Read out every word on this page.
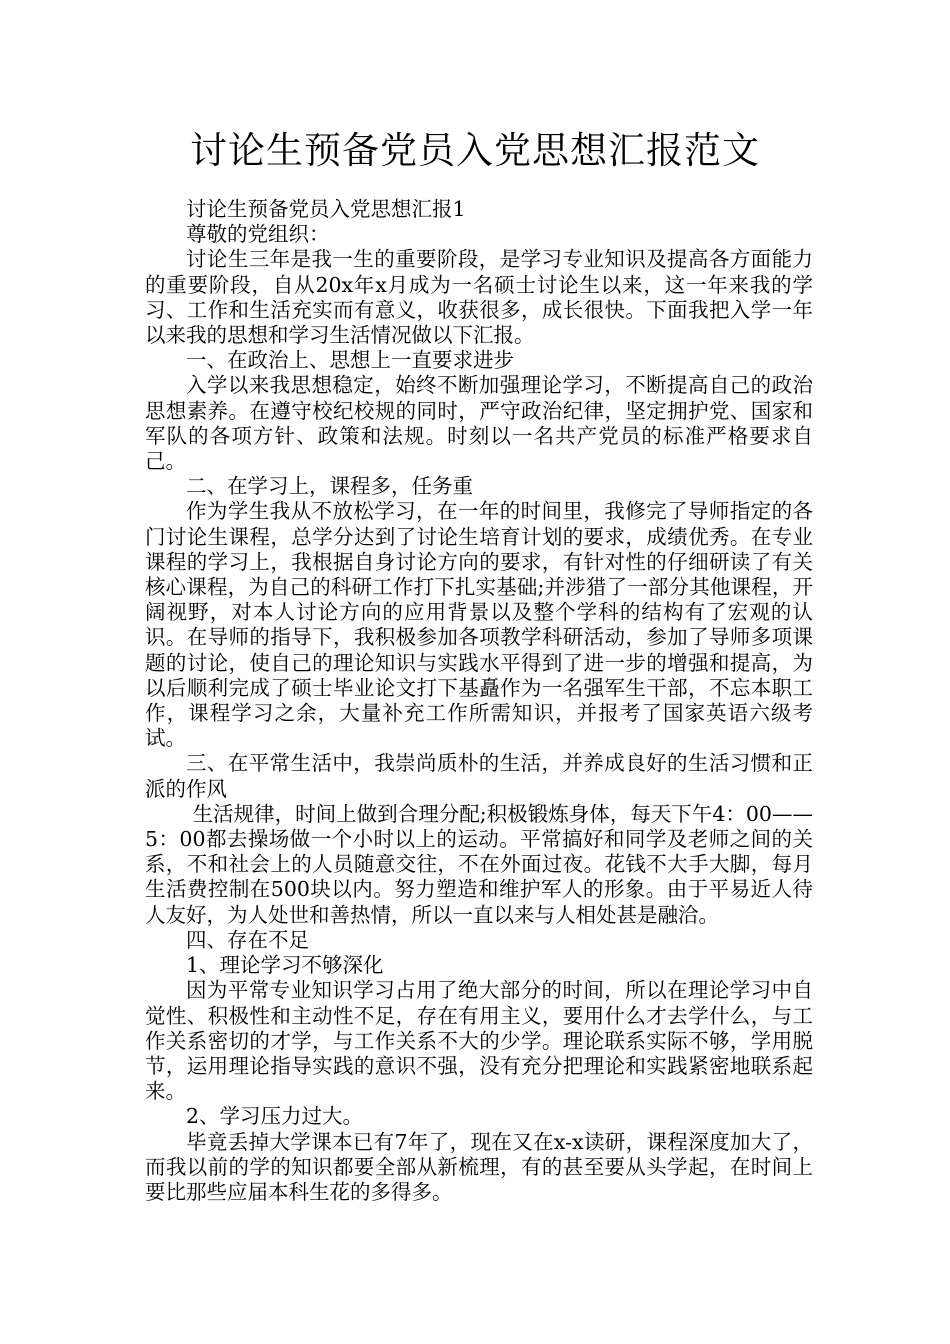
讨论生预备党员入党思想汇报范文

讨论生预备党员入党思想汇报1

尊敬的党组织：

讨论生三年是我一生的重要阶段，是学习专业知识及提高各方面能力的重要阶段，自从20x年x月成为一名硕士讨论生以来，这一年来我的学习、工作和生活充实而有意义，收获很多，成长很快。下面我把入学一年以来我的思想和学习生活情况做以下汇报。

一、在政治上、思想上一直要求进步

入学以来我思想稳定，始终不断加强理论学习，不断提高自己的政治思想素养。在遵守校纪校规的同时，严守政治纪律，坚定拥护党、国家和军队的各项方针、政策和法规。时刻以一名共产党员的标准严格要求自己。

二、在学习上，课程多，任务重

作为学生我从不放松学习，在一年的时间里，我修完了导师指定的各门讨论生课程，总学分达到了讨论生培育计划的要求，成绩优秀。在专业课程的学习上，我根据自身讨论方向的要求，有针对性的仔细研读了有关核心课程，为自己的科研工作打下扎实基础;并涉猎了一部分其他课程，开阔视野，对本人讨论方向的应用背景以及整个学科的结构有了宏观的认识。在导师的指导下，我积极参加各项教学科研活动，参加了导师多项课题的讨论，使自己的理论知识与实践水平得到了进一步的增强和提高，为以后顺利完成了硕士毕业论文打下基矗作为一名强军生干部，不忘本职工作，课程学习之余，大量补充工作所需知识，并报考了国家英语六级考试。

三、在平常生活中，我崇尚质朴的生活，并养成良好的生活习惯和正派的作风

生活规律，时间上做到合理分配;积极锻炼身体，每天下午4：00——5：00都去操场做一个小时以上的运动。平常搞好和同学及老师之间的关系，不和社会上的人员随意交往，不在外面过夜。花钱不大手大脚，每月生活费控制在500块以内。努力塑造和维护军人的形象。由于平易近人待人友好，为人处世和善热情，所以一直以来与人相处甚是融洽。

四、存在不足

1、理论学习不够深化

因为平常专业知识学习占用了绝大部分的时间，所以在理论学习中自觉性、积极性和主动性不足，存在有用主义，要用什么才去学什么，与工作关系密切的才学，与工作关系不大的少学。理论联系实际不够，学用脱节，运用理论指导实践的意识不强，没有充分把理论和实践紧密地联系起来。

2、学习压力过大。

毕竟丢掉大学课本已有7年了，现在又在x-x读研，课程深度加大了，而我以前的学的知识都要全部从新梳理，有的甚至要从头学起，在时间上要比那些应届本科生花的多得多。
